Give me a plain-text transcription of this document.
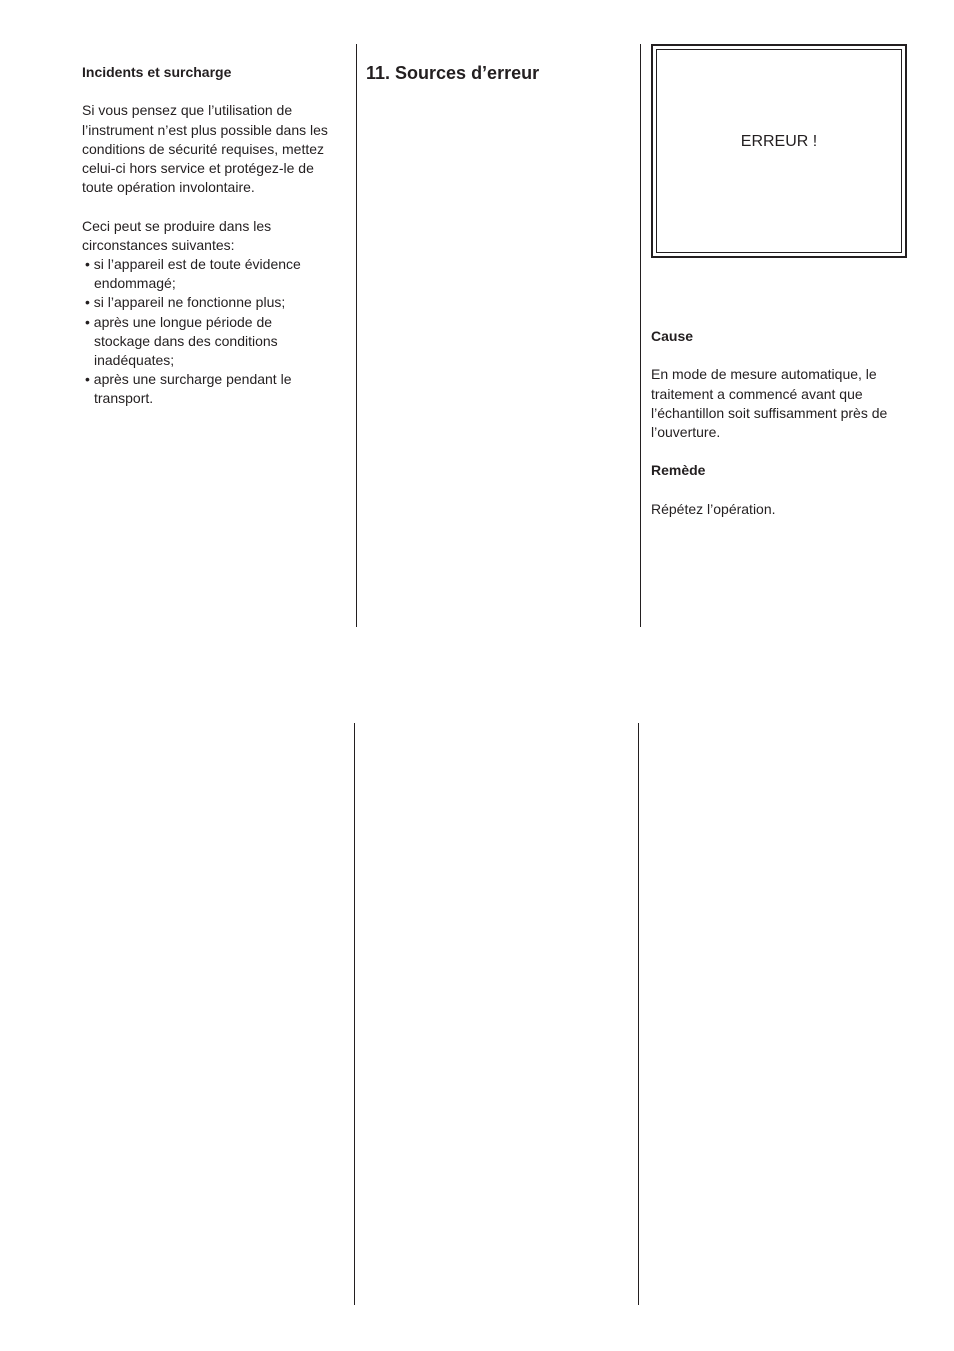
Incidents et surcharge

Si vous pensez que l’utilisation de
l’instrument n’est plus possible dans les
conditions de sécurité requises, mettez
celui-ci hors service et protégez-le de
toute opération involontaire.

Ceci peut se produire dans les
circonstances suivantes:

• si l’appareil est de toute évidence
endommagé;
• si l’appareil ne fonctionne plus;
• après une longue période de
stockage dans des conditions
inadéquates;
• après une surcharge pendant le
transport.
11. Sources d’erreur
ERREUR !

Cause

En mode de mesure automatique, le
traitement a commencé avant que
l’échantillon soit suffisamment près de
l’ouverture.

Remède

Répétez l’opération.
